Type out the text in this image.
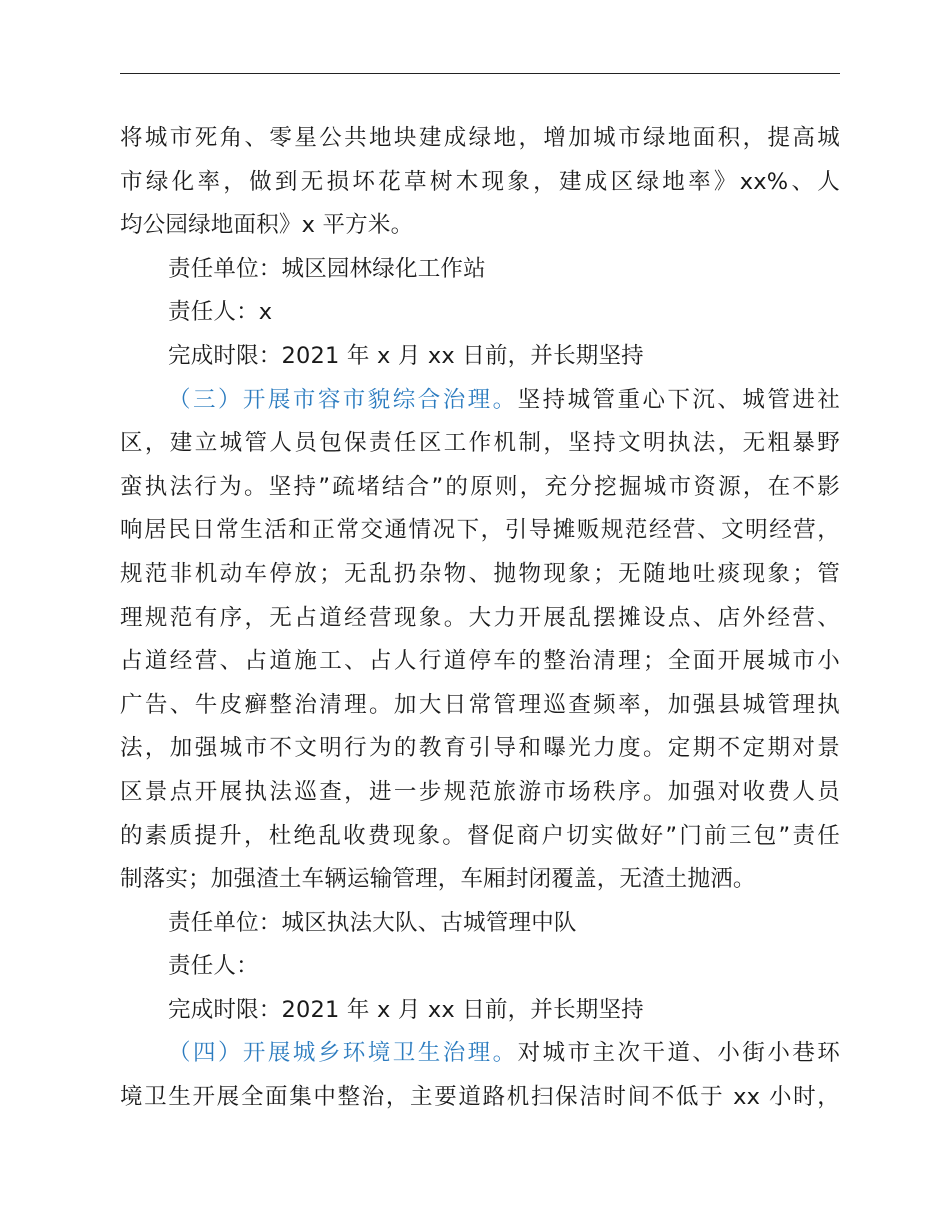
将城市死角、零星公共地块建成绿地，增加城市绿地面积，提高城
市绿化率，做到无损坏花草树木现象，建成区绿地率》xx%、人
均公园绿地面积》x 平方米。
责任单位：城区园林绿化工作站
责任人：x
完成时限：2021 年 x 月 xx 日前，并长期坚持
（三）开展市容市貌综合治理。坚持城管重心下沉、城管进社
区，建立城管人员包保责任区工作机制，坚持文明执法，无粗暴野
蛮执法行为。坚持”疏堵结合”的原则，充分挖掘城市资源，在不影
响居民日常生活和正常交通情况下，引导摊贩规范经营、文明经营，
规范非机动车停放；无乱扔杂物、抛物现象；无随地吐痰现象；管
理规范有序，无占道经营现象。大力开展乱摆摊设点、店外经营、
占道经营、占道施工、占人行道停车的整治清理；全面开展城市小
广告、牛皮癣整治清理。加大日常管理巡查频率，加强县城管理执
法，加强城市不文明行为的教育引导和曝光力度。定期不定期对景
区景点开展执法巡查，进一步规范旅游市场秩序。加强对收费人员
的素质提升，杜绝乱收费现象。督促商户切实做好”门前三包”责任
制落实；加强渣土车辆运输管理，车厢封闭覆盖，无渣土抛洒。
责任单位：城区执法大队、古城管理中队
责任人：
完成时限：2021 年 x 月 xx 日前，并长期坚持
（四）开展城乡环境卫生治理。对城市主次干道、小街小巷环
境卫生开展全面集中整治，主要道路机扫保洁时间不低于 xx 小时，
